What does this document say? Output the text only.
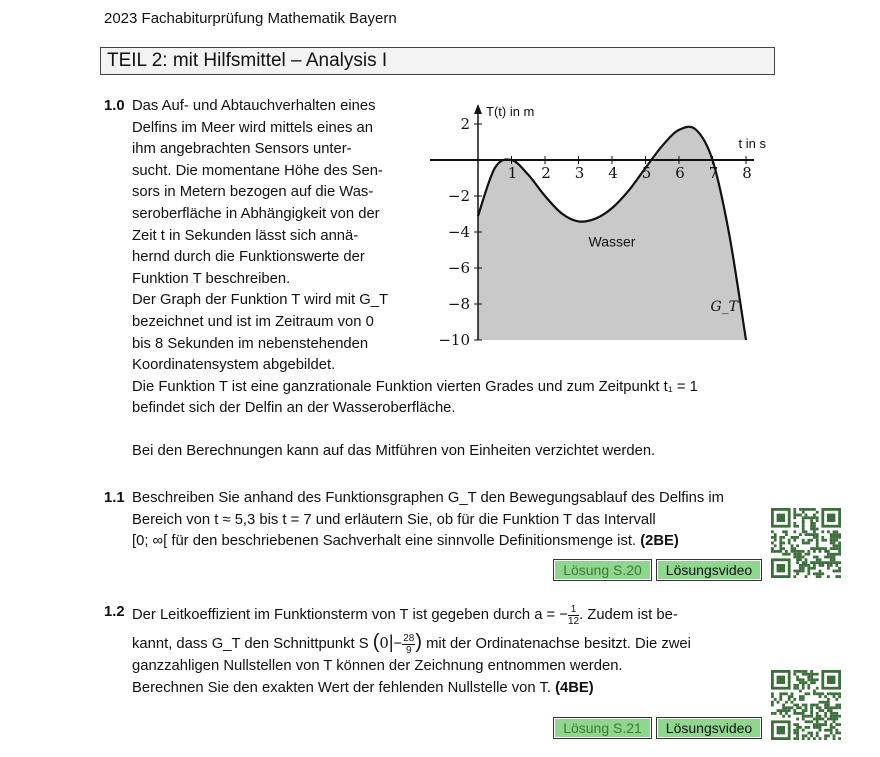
2023 Fachabiturprüfung Mathematik Bayern
TEIL 2: mit Hilfsmittel – Analysis I
1.0 Das Auf- und Abtauchverhalten eines
Delfins im Meer wird mittels eines an
ihm angebrachten Sensors unter-
sucht. Die momentane Höhe des Sen-
sors in Metern bezogen auf die Was-
seroberfläche in Abhängigkeit von der
Zeit t in Sekunden lässt sich annä-
hernd durch die Funktionswerte der
Funktion T beschreiben.
Der Graph der Funktion T wird mit G_T
bezeichnet und ist im Zeitraum von 0
bis 8 Sekunden im nebenstehenden
Koordinatensystem abgebildet.
Die Funktion T ist eine ganzrationale Funktion vierten Grades und zum Zeitpunkt t₁ = 1
befindet sich der Delfin an der Wasseroberfläche.
Bei den Berechnungen kann auf das Mitführen von Einheiten verzichtet werden.
2
−2
−4
−6
−8
−10
1 2 3 4 5 6 7 8
T(t) in m
t in s
Wasser
G_T
1.1 Beschreiben Sie anhand des Funktionsgraphen G_T den Bewegungsablauf des Delfins im
Bereich von t ≈ 5,3 bis t = 7 und erläutern Sie, ob für die Funktion T das Intervall
[0; ∞[ für den beschriebenen Sachverhalt eine sinnvolle Definitionsmenge ist. (2BE)
Lösung S.20	Lösungsvideo
1.2 Der Leitkoeffizient im Funktionsterm von T ist gegeben durch a = − $\frac{1}{12}$ . Zudem ist be-
kannt, dass G_T den Schnittpunkt S ($0|- \frac{28}{9}$ ) mit der Ordinatenachse besitzt. Die zwei
ganzzahligen Nullstellen von T können der Zeichnung entnommen werden.
Berechnen Sie den exakten Wert der fehlenden Nullstelle von T. (4BE)
Lösung S.21	Lösungsvideo
